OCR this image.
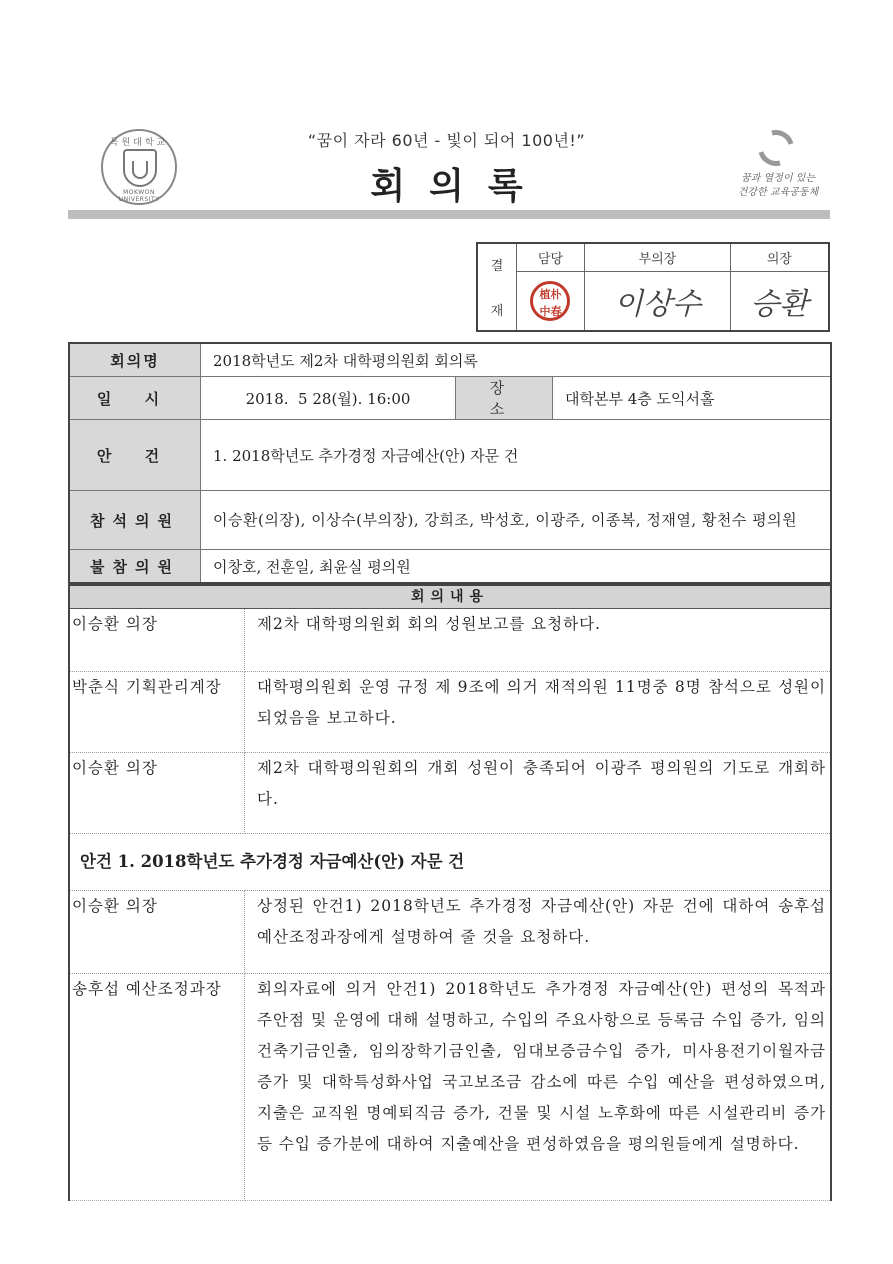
목원대학교
MOKWON UNIVERSITY
“꿈이 자라 60년 - 빛이 되어 100년!”
회의록	꿈과 열정이 있는
건강한 교육공동체
결
재	담당	부의장	의장
	植朴 中春	이상수	승환
회의명	2018학년도 제2차 대학평의원회 회의록		
일 시	2018.  5 28(월). 16:00	장 소	대학본부 4층 도익서홀
안 건	1. 2018학년도 추가경정 자금예산(안) 자문 건		
참석의원	이승환(의장), 이상수(부의장), 강희조, 박성호, 이광주, 이종복, 정재열, 황천수 평의원		
불참의원	이창호, 전훈일, 최윤실 평의원		
회의내용	
이승환 의장	제2차 대학평의원회 회의 성원보고를 요청하다.
박춘식 기획관리계장	대학평의원회 운영 규정 제 9조에 의거 재적의원 11명중 8명 참석으로 성원이 되었음을 보고하다.
이승환 의장	제2차 대학평의원회의 개회 성원이 충족되어 이광주 평의원의 기도로 개회하다.
안건 1. 2018학년도 추가경정 자금예산(안) 자문 건	
이승환 의장	상정된 안건1) 2018학년도 추가경정 자금예산(안) 자문 건에 대하여 송후섭 예산조정과장에게 설명하여 줄 것을 요청하다.
송후섭 예산조정과장	회의자료에 의거 안건1) 2018학년도 추가경정 자금예산(안) 편성의 목적과 주안점 및 운영에 대해 설명하고, 수입의 주요사항으로 등록금 수입 증가, 임의건축기금인출, 임의장학기금인출, 임대보증금수입 증가, 미사용전기이월자금 증가 및 대학특성화사업 국고보조금 감소에 따른 수입 예산을 편성하였으며, 지출은 교직원 명예퇴직금 증가, 건물 및 시설 노후화에 따른 시설관리비 증가 등 수입 증가분에 대하여 지출예산을 편성하였음을 평의원들에게 설명하다.
